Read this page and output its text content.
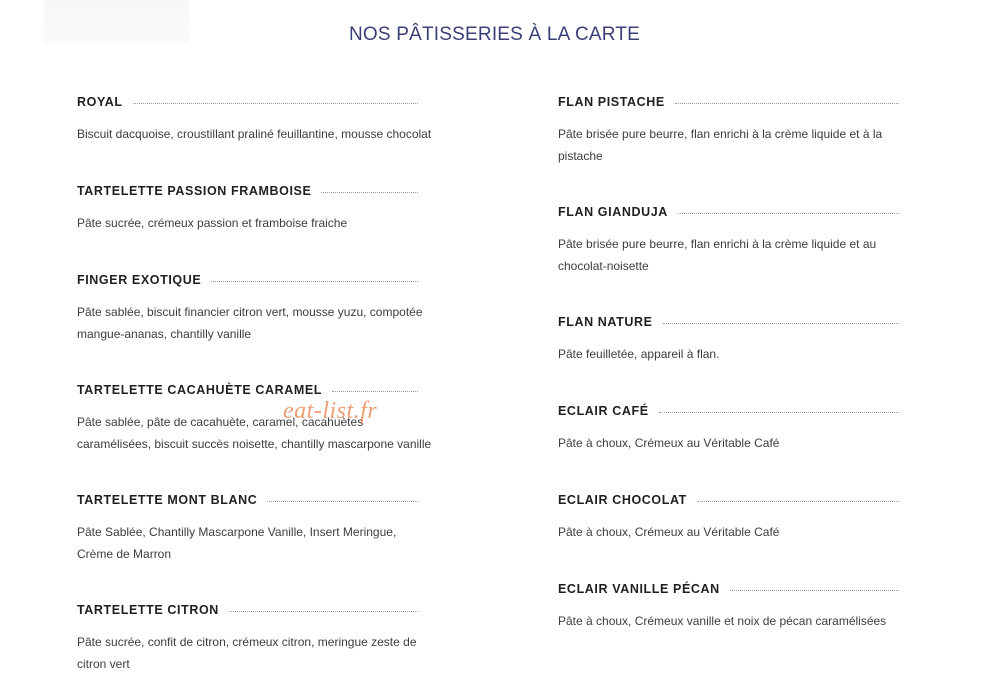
NOS PÂTISSERIES À LA CARTE
ROYAL
Biscuit dacquoise, croustillant praliné feuillantine, mousse chocolat
TARTELETTE PASSION FRAMBOISE
Pâte sucrée, crémeux passion et framboise fraiche
FINGER EXOTIQUE
Pâte sablée, biscuit financier citron vert, mousse yuzu, compotée mangue-ananas, chantilly vanille
TARTELETTE CACAHUÈTE CARAMEL
Pâte sablée, pâte de cacahuète, caramel, cacahuètes caramélisées, biscuit succès noisette, chantilly mascarpone vanille
TARTELETTE MONT BLANC
Pâte Sablée, Chantilly Mascarpone Vanille, Insert Meringue, Crème de Marron
TARTELETTE CITRON
Pâte sucrée, confit de citron, crémeux citron, meringue zeste de citron vert
FLAN PISTACHE
Pâte brisée pure beurre, flan enrichi à la crème liquide et à la pistache
FLAN GIANDUJA
Pâte brisée pure beurre, flan enrichi à la crème liquide et au chocolat-noisette
FLAN NATURE
Pâte feuilletée, appareil à flan.
ECLAIR CAFÉ
Pâte à choux, Crémeux au Véritable Café
ECLAIR CHOCOLAT
Pâte à choux, Crémeux au Véritable Café
ECLAIR VANILLE PÉCAN
Pâte à choux, Crémeux vanille et noix de pécan caramélisées
eat-list.fr
